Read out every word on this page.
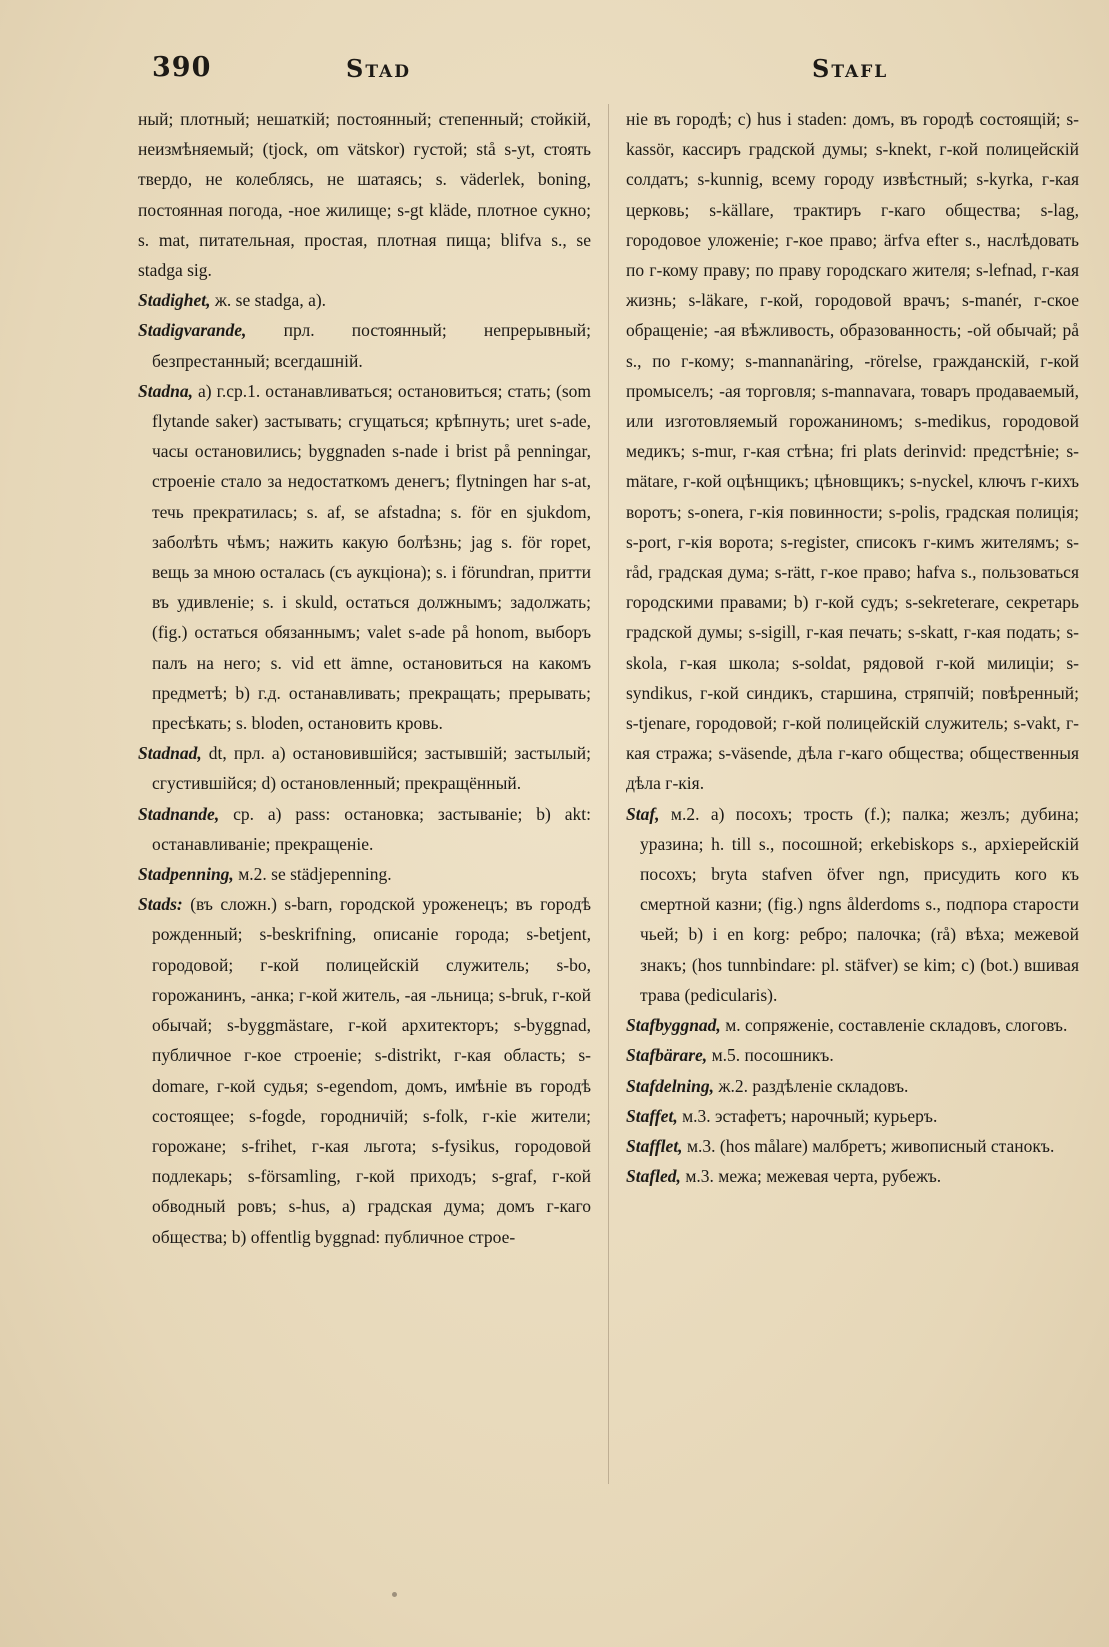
390	Stad	Stafl

ный; плотный; нешаткій; постоянный; степенный; стойкій, неизмѣняемый; (tjock, om vätskor) густой; stå s-yt, стоять твердо, не колеблясь, не шатаясь; s. väderlek, boning, постоянная погода, -ное жилище; s-gt kläde, плотное сукно; s. mat, питательная, простая, плотная пища; blifva s., se stadga sig.

Stadighet, ж. se stadga, a).

Stadigvarande, прл. постоянный; непрерывный; безпрестанный; всегдашній.

Stadna, a) г.ср.1. останавливаться; остановиться; стать; (som flytande saker) застывать; сгущаться; крѣпнуть; uret s-ade, часы остановились; byggnaden s-nade i brist på penningar, строеніе стало за недостаткомъ денегъ; flytningen har s-at, течь прекратилась; s. af, se afstadna; s. för en sjukdom, заболѣть чѣмъ; нажить какую болѣзнь; jag s. för ropet, вещь за мною осталась (съ аукціона); s. i förundran, притти въ удивленіе; s. i skuld, остаться должнымъ; задолжать; (fig.) остаться обязаннымъ; valet s-ade på honom, выборъ палъ на него; s. vid ett ämne, остановиться на какомъ предметѣ; b) г.д. останавливать; прекращать; прерывать; пресѣкать; s. bloden, остановить кровь.

Stadnad, dt, прл. a) остановившійся; застывшій; застылый; сгустившійся; d) остановленный; прекращённый.

Stadnande, ср. a) pass: остановка; застываніе; b) akt: останавливаніе; прекращеніе.

Stadpenning, м.2. se städjepenning.

Stads: (въ сложн.) s-barn, городской уроженецъ; въ городѣ рожденный; s-beskrifning, описаніе города; s-betjent, городовой; г-кой полицейскій служитель; s-bo, горожанинъ, -анка; г-кой житель, -ая -льница; s-bruk, г-кой обычай; s-byggmästare, г-кой архитекторъ; s-byggnad, публичное г-кое строеніе; s-distrikt, г-кая область; s-domare, г-кой судья; s-egendom, домъ, имѣніе въ городѣ состоящее; s-fogde, городничій; s-folk, г-кіе жители; горожане; s-frihet, г-кая льгота; s-fysikus, городовой подлекарь; s-församling, г-кой приходъ; s-graf, г-кой обводный ровъ; s-hus, a) градская дума; домъ г-каго общества; b) offentlig byggnad: публичное строе-

ніе въ городѣ; c) hus i staden: домъ, въ городѣ состоящій; s-kassör, кассиръ градской думы; s-knekt, г-кой полицейскій солдатъ; s-kunnig, всему городу извѣстный; s-kyrka, г-кая церковь; s-källare, трактиръ г-каго общества; s-lag, городовое уложеніе; г-кое право; ärfva efter s., наслѣдовать по г-кому праву; по праву городскаго жителя; s-lefnad, г-кая жизнь; s-läkare, г-кой, городовой врачъ; s-manér, г-ское обращеніе; -ая вѣжливость, образованность; -ой обычай; på s., по г-кому; s-mannanäring, -rörelse, гражданскій, г-кой промыселъ; -ая торговля; s-mannavara, товаръ продаваемый, или изготовляемый горожаниномъ; s-medikus, городовой медикъ; s-mur, г-кая стѣна; fri plats derinvid: предстѣніе; s-mätare, г-кой оцѣнщикъ; цѣновщикъ; s-nyckel, ключъ г-кихъ воротъ; s-onera, г-кія повинности; s-polis, градская полиція; s-port, г-кія ворота; s-register, списокъ г-кимъ жителямъ; s-råd, градская дума; s-rätt, г-кое право; hafva s., пользоваться городскими правами; b) г-кой судъ; s-sekreterare, секретарь градской думы; s-sigill, г-кая печать; s-skatt, г-кая подать; s-skola, г-кая школа; s-soldat, рядовой г-кой милиціи; s-syndikus, г-кой синдикъ, старшина, стряпчій; повѣренный; s-tjenare, городовой; г-кой полицейскій служитель; s-vakt, г-кая стража; s-väsende, дѣла г-каго общества; общественныя дѣла г-кія.

Staf, м.2. a) посохъ; трость (f.); палка; жезлъ; дубина; уразина; h. till s., посошной; erkebiskops s., архіерейскій посохъ; bryta stafven öfver ngn, присудить кого къ смертной казни; (fig.) ngns ålderdoms s., подпора старости чьей; b) i en korg: ребро; палочка; (rå) вѣха; межевой знакъ; (hos tunnbindare: pl. stäfver) se kim; c) (bot.) вшивая трава (pedicularis).

Stafbyggnad, м. сопряженіе, составленіе складовъ, слоговъ.

Stafbärare, м.5. посошникъ.

Stafdelning, ж.2. раздѣленіе складовъ.

Staffet, м.3. эстафетъ; нарочный; курьеръ.

Stafflet, м.3. (hos målare) малбретъ; живописный станокъ.

Stafled, м.3. межа; межевая черта, рубежъ.
